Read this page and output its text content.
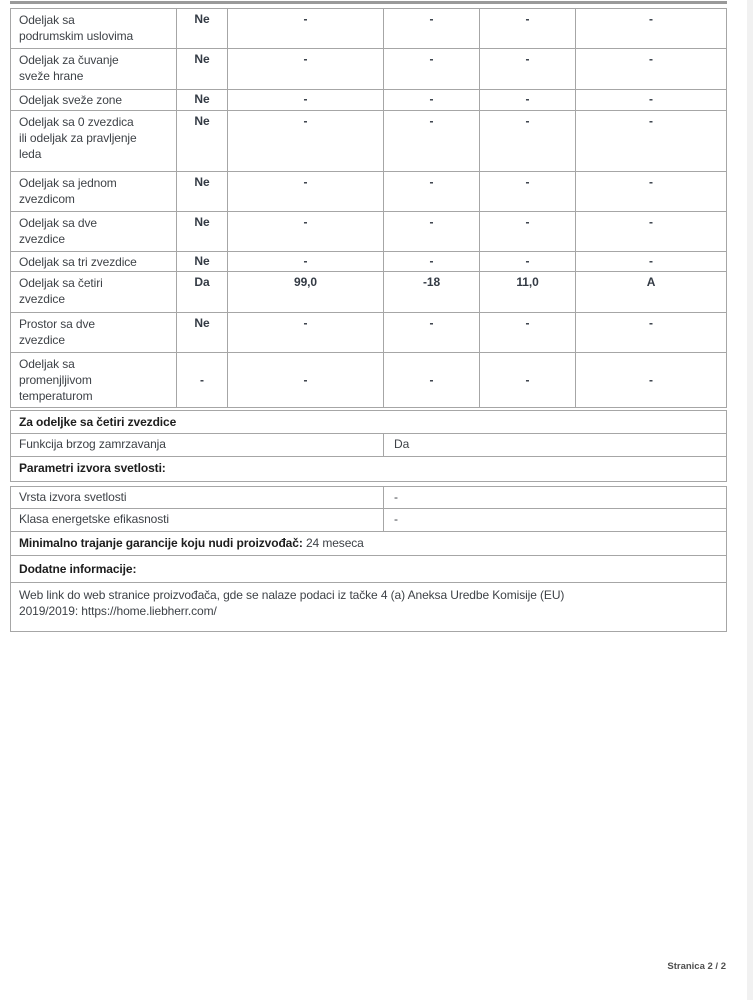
Odeljak sa
podrumskim uslovima
Ne	-	-	-	-
Odeljak za čuvanje
sveže hrane
Ne	-	-	-	-
Odeljak sveže zone	Ne	-	-	-	-
Odeljak sa 0 zvezdica
ili odeljak za pravljenje
leda
Ne	-	-	-	-
Odeljak sa jednom
zvezdicom
Ne	-	-	-	-
Odeljak sa dve
zvezdice
Ne	-	-	-	-
Odeljak sa tri zvezdice	Ne	-	-	-	-
Odeljak sa četiri
zvezdice
Da	99,0	-18	11,0	A
Prostor sa dve
zvezdice
Ne	-	-	-	-
Odeljak sa
promenjljivom
temperaturom
-	-	-	-	-
Za odeljke sa četiri zvezdice
Funkcija brzog zamrzavanja	Da
Parametri izvora svetlosti:
Vrsta izvora svetlosti	-
Klasa energetske efikasnosti	-
Minimalno trajanje garancije koju nudi proizvođač: 24 meseca
Dodatne informacije:
Web link do web stranice proizvođača, gde se nalaze podaci iz tačke 4 (a) Aneksa Uredbe Komisije (EU)
2019/2019: https://home.liebherr.com/
Stranica 2 / 2
